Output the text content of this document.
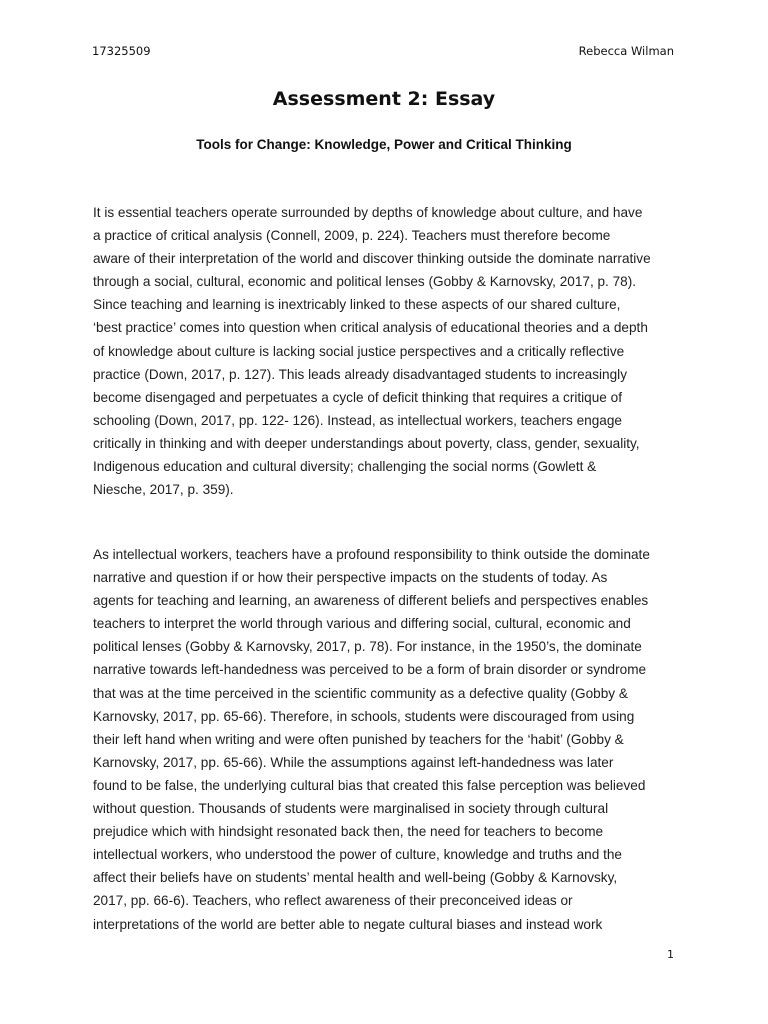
17325509	Rebecca Wilman
Assessment 2: Essay
Tools for Change: Knowledge, Power and Critical Thinking
It is essential teachers operate surrounded by depths of knowledge about culture, and have
a practice of critical analysis (Connell, 2009, p. 224). Teachers must therefore become
aware of their interpretation of the world and discover thinking outside the dominate narrative
through a social, cultural, economic and political lenses (Gobby & Karnovsky, 2017, p. 78).
Since teaching and learning is inextricably linked to these aspects of our shared culture,
‘best practice’ comes into question when critical analysis of educational theories and a depth
of knowledge about culture is lacking social justice perspectives and a critically reflective
practice (Down, 2017, p. 127). This leads already disadvantaged students to increasingly
become disengaged and perpetuates a cycle of deficit thinking that requires a critique of
schooling (Down, 2017, pp. 122- 126). Instead, as intellectual workers, teachers engage
critically in thinking and with deeper understandings about poverty, class, gender, sexuality,
Indigenous education and cultural diversity; challenging the social norms (Gowlett &
Niesche, 2017, p. 359).
As intellectual workers, teachers have a profound responsibility to think outside the dominate
narrative and question if or how their perspective impacts on the students of today. As
agents for teaching and learning, an awareness of different beliefs and perspectives enables
teachers to interpret the world through various and differing social, cultural, economic and
political lenses (Gobby & Karnovsky, 2017, p. 78). For instance, in the 1950’s, the dominate
narrative towards left-handedness was perceived to be a form of brain disorder or syndrome
that was at the time perceived in the scientific community as a defective quality (Gobby &
Karnovsky, 2017, pp. 65-66). Therefore, in schools, students were discouraged from using
their left hand when writing and were often punished by teachers for the ‘habit’ (Gobby &
Karnovsky, 2017, pp. 65-66). While the assumptions against left-handedness was later
found to be false, the underlying cultural bias that created this false perception was believed
without question. Thousands of students were marginalised in society through cultural
prejudice which with hindsight resonated back then, the need for teachers to become
intellectual workers, who understood the power of culture, knowledge and truths and the
affect their beliefs have on students’ mental health and well-being (Gobby & Karnovsky,
2017, pp. 66-6). Teachers, who reflect awareness of their preconceived ideas or
interpretations of the world are better able to negate cultural biases and instead work
1
